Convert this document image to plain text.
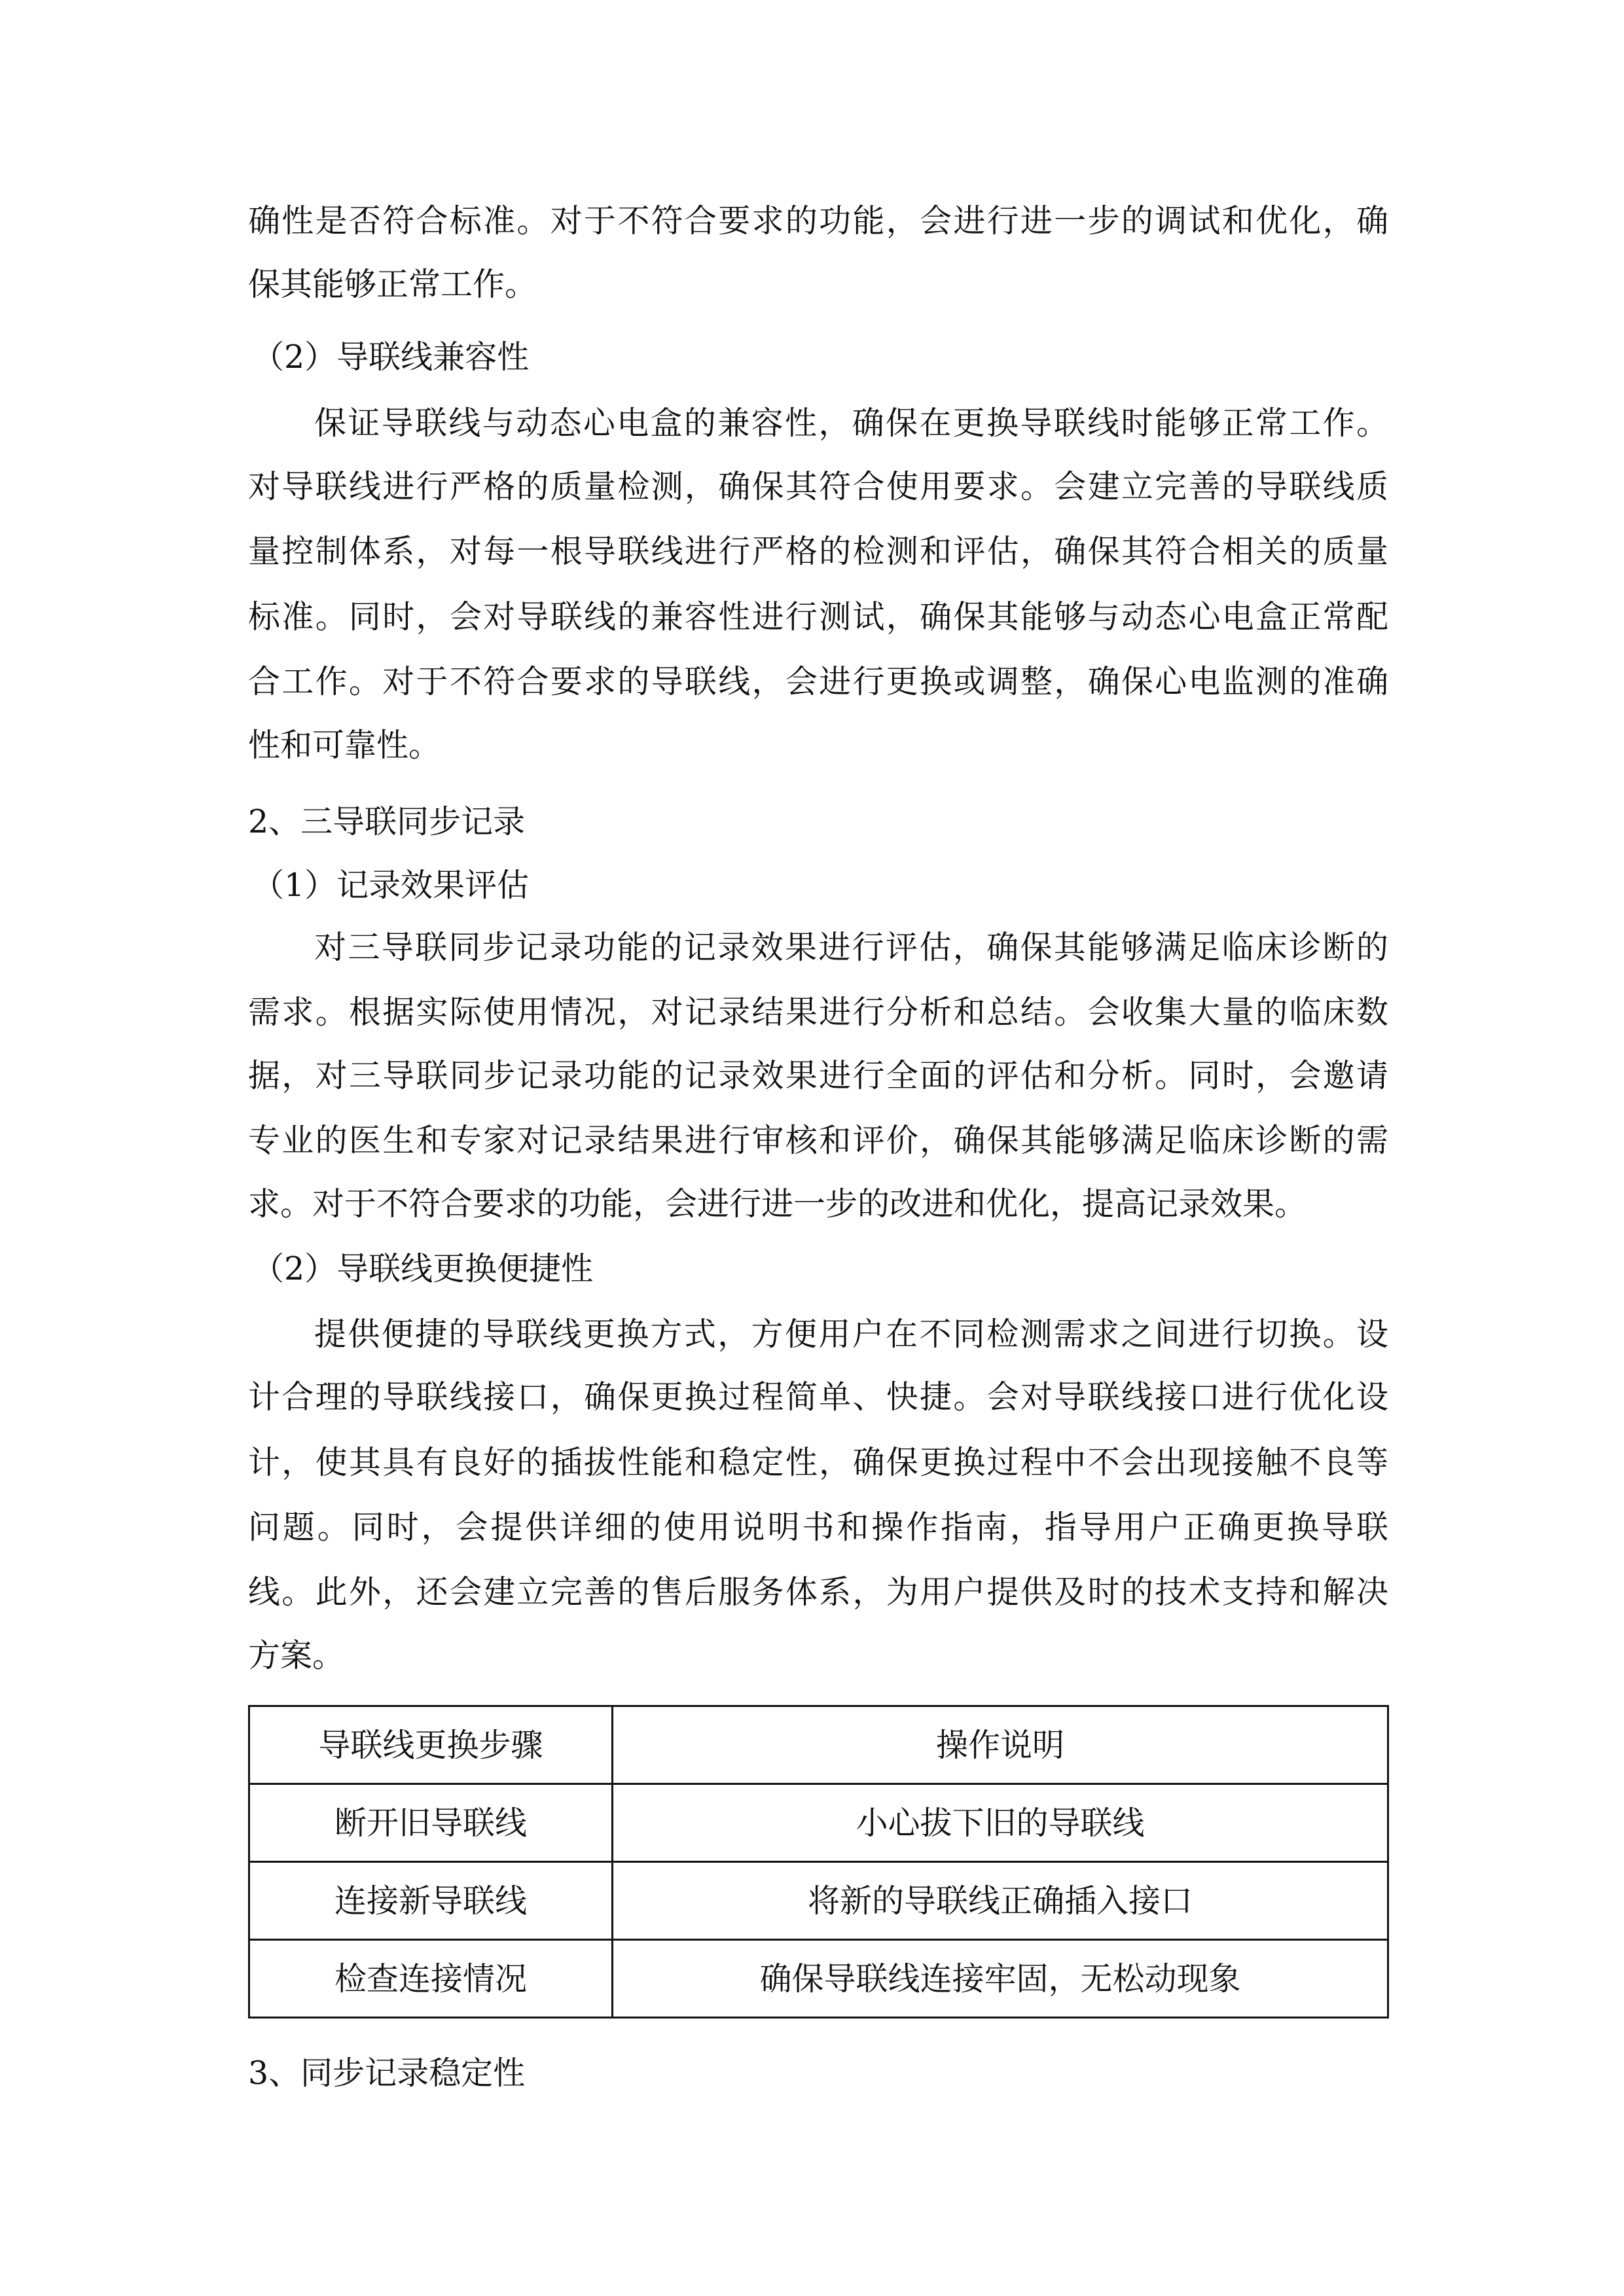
确性是否符合标准。对于不符合要求的功能，会进行进一步的调试和优化，确
保其能够正常工作。
（2）导联线兼容性
保证导联线与动态心电盒的兼容性，确保在更换导联线时能够正常工作。
对导联线进行严格的质量检测，确保其符合使用要求。会建立完善的导联线质
量控制体系，对每一根导联线进行严格的检测和评估，确保其符合相关的质量
标准。同时，会对导联线的兼容性进行测试，确保其能够与动态心电盒正常配
合工作。对于不符合要求的导联线，会进行更换或调整，确保心电监测的准确
性和可靠性。
2、三导联同步记录
（1）记录效果评估
对三导联同步记录功能的记录效果进行评估，确保其能够满足临床诊断的
需求。根据实际使用情况，对记录结果进行分析和总结。会收集大量的临床数
据，对三导联同步记录功能的记录效果进行全面的评估和分析。同时，会邀请
专业的医生和专家对记录结果进行审核和评价，确保其能够满足临床诊断的需
求。对于不符合要求的功能，会进行进一步的改进和优化，提高记录效果。
（2）导联线更换便捷性
提供便捷的导联线更换方式，方便用户在不同检测需求之间进行切换。设
计合理的导联线接口，确保更换过程简单、快捷。会对导联线接口进行优化设
计，使其具有良好的插拔性能和稳定性，确保更换过程中不会出现接触不良等
问题。同时，会提供详细的使用说明书和操作指南，指导用户正确更换导联
线。此外，还会建立完善的售后服务体系，为用户提供及时的技术支持和解决
方案。
导联线更换步骤	操作说明
断开旧导联线	小心拔下旧的导联线
连接新导联线	将新的导联线正确插入接口
检查连接情况	确保导联线连接牢固，无松动现象
3、同步记录稳定性
